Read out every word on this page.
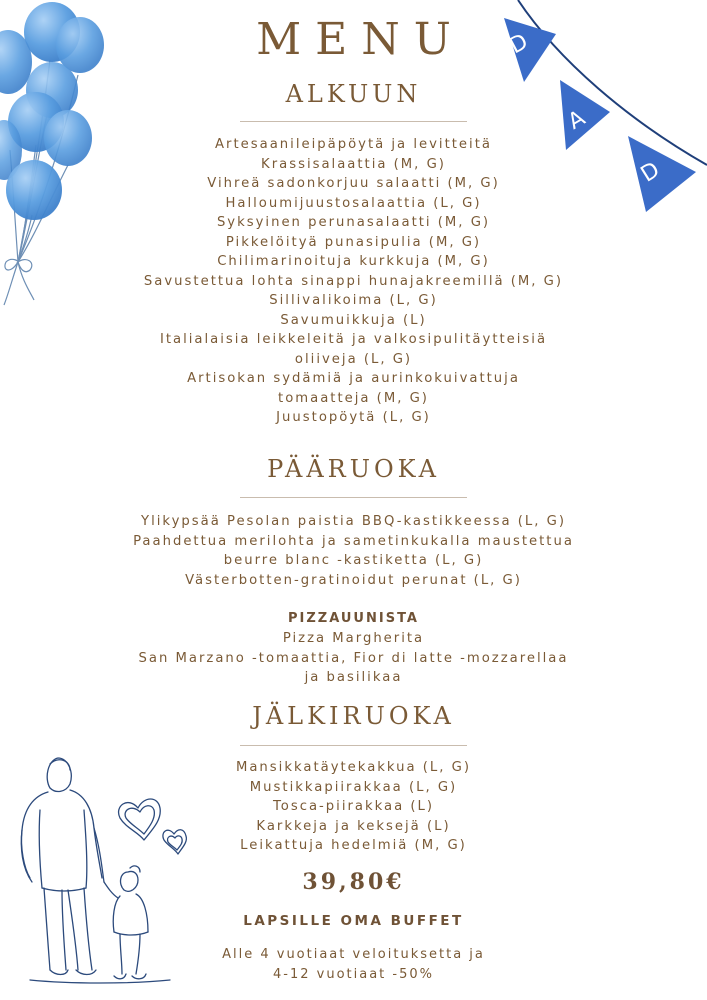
D
A
D
MENU
ALKUUN
Artesaanileipäpöytä ja levitteitä
Krassisalaattia (M, G)
Vihreä sadonkorjuu salaatti (M, G)
Halloumijuustosalaattia (L, G)
Syksyinen perunasalaatti (M, G)
Pikkelöityä punasipulia (M, G)
Chilimarinoituja kurkkuja (M, G)
Savustettua lohta sinappi hunajakreemillä (M, G)
Sillivalikoima (L, G)
Savumuikkuja (L)
Italialaisia leikkeleitä ja valkosipulitäytteisiä
oliiveja (L, G)
Artisokan sydämiä ja aurinkokuivattuja
tomaatteja (M, G)
Juustopöytä (L, G)
PÄÄRUOKA
Ylikypsää Pesolan paistia BBQ-kastikkeessa (L, G)
Paahdettua merilohta ja sametinkukalla maustettua
beurre blanc -kastiketta (L, G)
Västerbotten-gratinoidut perunat (L, G)
PIZZAUUNISTA
Pizza Margherita
San Marzano -tomaattia, Fior di latte -mozzarellaa
ja basilikaa
JÄLKIRUOKA
Mansikkatäytekakkua (L, G)
Mustikkapiirakkaa (L, G)
Tosca-piirakkaa (L)
Karkkeja ja keksejä (L)
Leikattuja hedelmiä (M, G)
39,80€
LAPSILLE OMA BUFFET
Alle 4 vuotiaat veloituksetta ja
4-12 vuotiaat -50%
